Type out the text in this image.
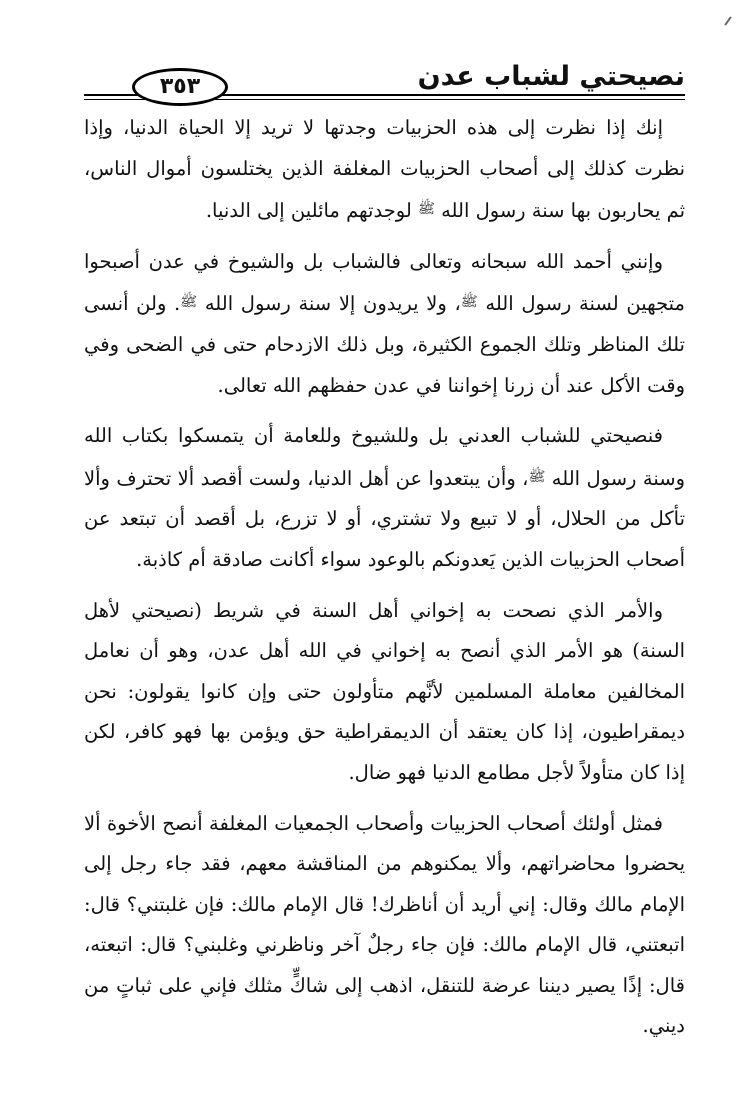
نصيحتي لشباب عدن
٣٥٣

إنك إذا نظرت إلى هذه الحزبيات وجدتها لا تريد إلا الحياة الدنيا، وإذا نظرت كذلك إلى أصحاب الحزبيات المغلفة الذين يختلسون أموال الناس، ثم يحاربون بها سنة رسول الله $^ﷺ$ لوجدتهم مائلين إلى الدنيا.

وإنني أحمد الله سبحانه وتعالى فالشباب بل والشيوخ في عدن أصبحوا متجهين لسنة رسول الله $^ﷺ$، ولا يريدون إلا سنة رسول الله $^ﷺ$. ولن أنسى تلك المناظر وتلك الجموع الكثيرة، وبل ذلك الازدحام حتى في الضحى وفي وقت الأكل عند أن زرنا إخواننا في عدن حفظهم الله تعالى.

فنصيحتي للشباب العدني بل وللشيوخ وللعامة أن يتمسكوا بكتاب الله وسنة رسول الله $^ﷺ$، وأن يبتعدوا عن أهل الدنيا، ولست أقصد ألا تحترف وألا تأكل من الحلال، أو لا تبيع ولا تشتري، أو لا تزرع، بل أقصد أن تبتعد عن أصحاب الحزبيات الذين يَعدونكم بالوعود سواء أكانت صادقة أم كاذبة.

والأمر الذي نصحت به إخواني أهل السنة في شريط (نصيحتي لأهل السنة) هو الأمر الذي أنصح به إخواني في الله أهل عدن، وهو أن نعامل المخالفين معاملة المسلمين لأنَّهم متأولون حتى وإن كانوا يقولون: نحن ديمقراطيون، إذا كان يعتقد أن الديمقراطية حق ويؤمن بها فهو كافر، لكن إذا كان متأولاً لأجل مطامع الدنيا فهو ضال.

فمثل أولئك أصحاب الحزبيات وأصحاب الجمعيات المغلفة أنصح الأخوة ألا يحضروا محاضراتهم، وألا يمكنوهم من المناقشة معهم، فقد جاء رجل إلى الإمام مالك وقال: إني أريد أن أناظرك! قال الإمام مالك: فإن غلبتني؟ قال: اتبعتني، قال الإمام مالك: فإن جاء رجلٌ آخر وناظرني وغلبني؟ قال: اتبعته، قال: إذًا يصير ديننا عرضة للتنقل، اذهب إلى شاكٍّ مثلك فإني على ثباتٍ من ديني.
